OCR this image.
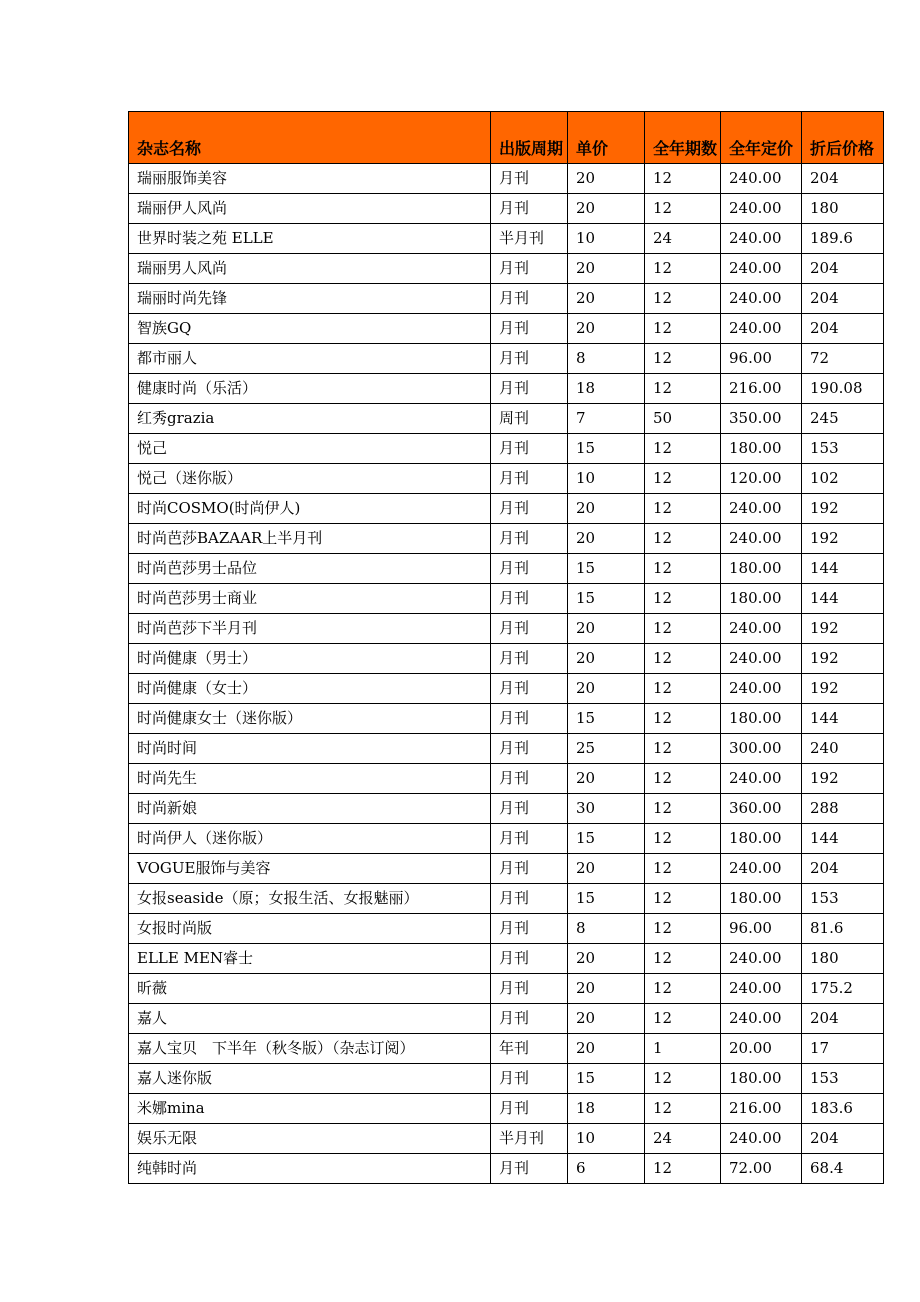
杂志名称	出版周期	单价	全年期数	全年定价	折后价格
瑞丽服饰美容	月刊	20	12	240.00	204
瑞丽伊人风尚	月刊	20	12	240.00	180
世界时装之苑 ELLE	半月刊	10	24	240.00	189.6
瑞丽男人风尚	月刊	20	12	240.00	204
瑞丽时尚先锋	月刊	20	12	240.00	204
智族GQ	月刊	20	12	240.00	204
都市丽人	月刊	8	12	96.00	72
健康时尚（乐活）	月刊	18	12	216.00	190.08
红秀grazia	周刊	7	50	350.00	245
悦己	月刊	15	12	180.00	153
悦己（迷你版）	月刊	10	12	120.00	102
时尚COSMO(时尚伊人)	月刊	20	12	240.00	192
时尚芭莎BAZAAR上半月刊	月刊	20	12	240.00	192
时尚芭莎男士品位	月刊	15	12	180.00	144
时尚芭莎男士商业	月刊	15	12	180.00	144
时尚芭莎下半月刊	月刊	20	12	240.00	192
时尚健康（男士）	月刊	20	12	240.00	192
时尚健康（女士）	月刊	20	12	240.00	192
时尚健康女士（迷你版）	月刊	15	12	180.00	144
时尚时间	月刊	25	12	300.00	240
时尚先生	月刊	20	12	240.00	192
时尚新娘	月刊	30	12	360.00	288
时尚伊人（迷你版）	月刊	15	12	180.00	144
VOGUE服饰与美容	月刊	20	12	240.00	204
女报seaside（原；女报生活、女报魅丽）	月刊	15	12	180.00	153
女报时尚版	月刊	8	12	96.00	81.6
ELLE MEN睿士	月刊	20	12	240.00	180
昕薇	月刊	20	12	240.00	175.2
嘉人	月刊	20	12	240.00	204
嘉人宝贝　下半年（秋冬版）（杂志订阅）	年刊	20	1	20.00	17
嘉人迷你版	月刊	15	12	180.00	153
米娜mina	月刊	18	12	216.00	183.6
娱乐无限	半月刊	10	24	240.00	204
纯韩时尚	月刊	6	12	72.00	68.4
